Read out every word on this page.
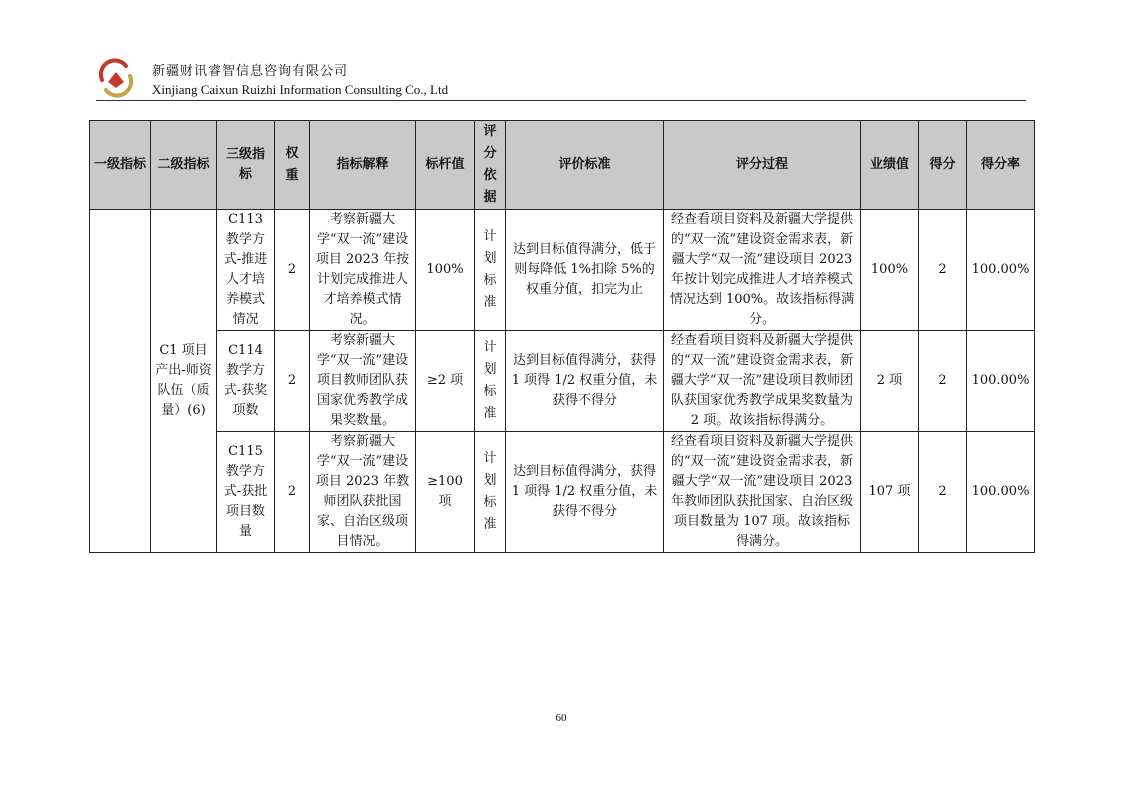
新疆财讯睿智信息咨询有限公司
Xinjiang Caixun Ruizhi Information Consulting Co., Ltd
一级指标	二级指标	三级指标	权重	指标解释	标杆值	评分依据	评价标准	评分过程	业绩值	得分	得分率
	C1 项目产出-师资队伍（质量）(6)	C113 教学方式-推进人才培养模式情况	2	考察新疆大学“双一流”建设项目 2023 年按计划完成推进人才培养模式情况。	100%	计划标准	达到目标值得满分，低于则每降低 1%扣除 5%的权重分值，扣完为止	经查看项目资料及新疆大学提供的“双一流”建设资金需求表，新疆大学“双一流”建设项目 2023 年按计划完成推进人才培养模式情况达到 100%。故该指标得满分。	100%	2	100.00%
		C114 教学方式-获奖项数	2	考察新疆大学“双一流”建设项目教师团队获国家优秀教学成果奖数量。	≥2 项	计划标准	达到目标值得满分，获得 1 项得 1/2 权重分值，未获得不得分	经查看项目资料及新疆大学提供的“双一流”建设资金需求表，新疆大学“双一流”建设项目教师团队获国家优秀教学成果奖数量为 2 项。故该指标得满分。	2 项	2	100.00%
		C115 教学方式-获批项目数量	2	考察新疆大学“双一流”建设项目 2023 年教师团队获批国家、自治区级项目情况。	≥100 项	计划标准	达到目标值得满分，获得 1 项得 1/2 权重分值，未获得不得分	经查看项目资料及新疆大学提供的“双一流”建设资金需求表，新疆大学“双一流”建设项目 2023 年教师团队获批国家、自治区级项目数量为 107 项。故该指标得满分。	107 项	2	100.00%
60
